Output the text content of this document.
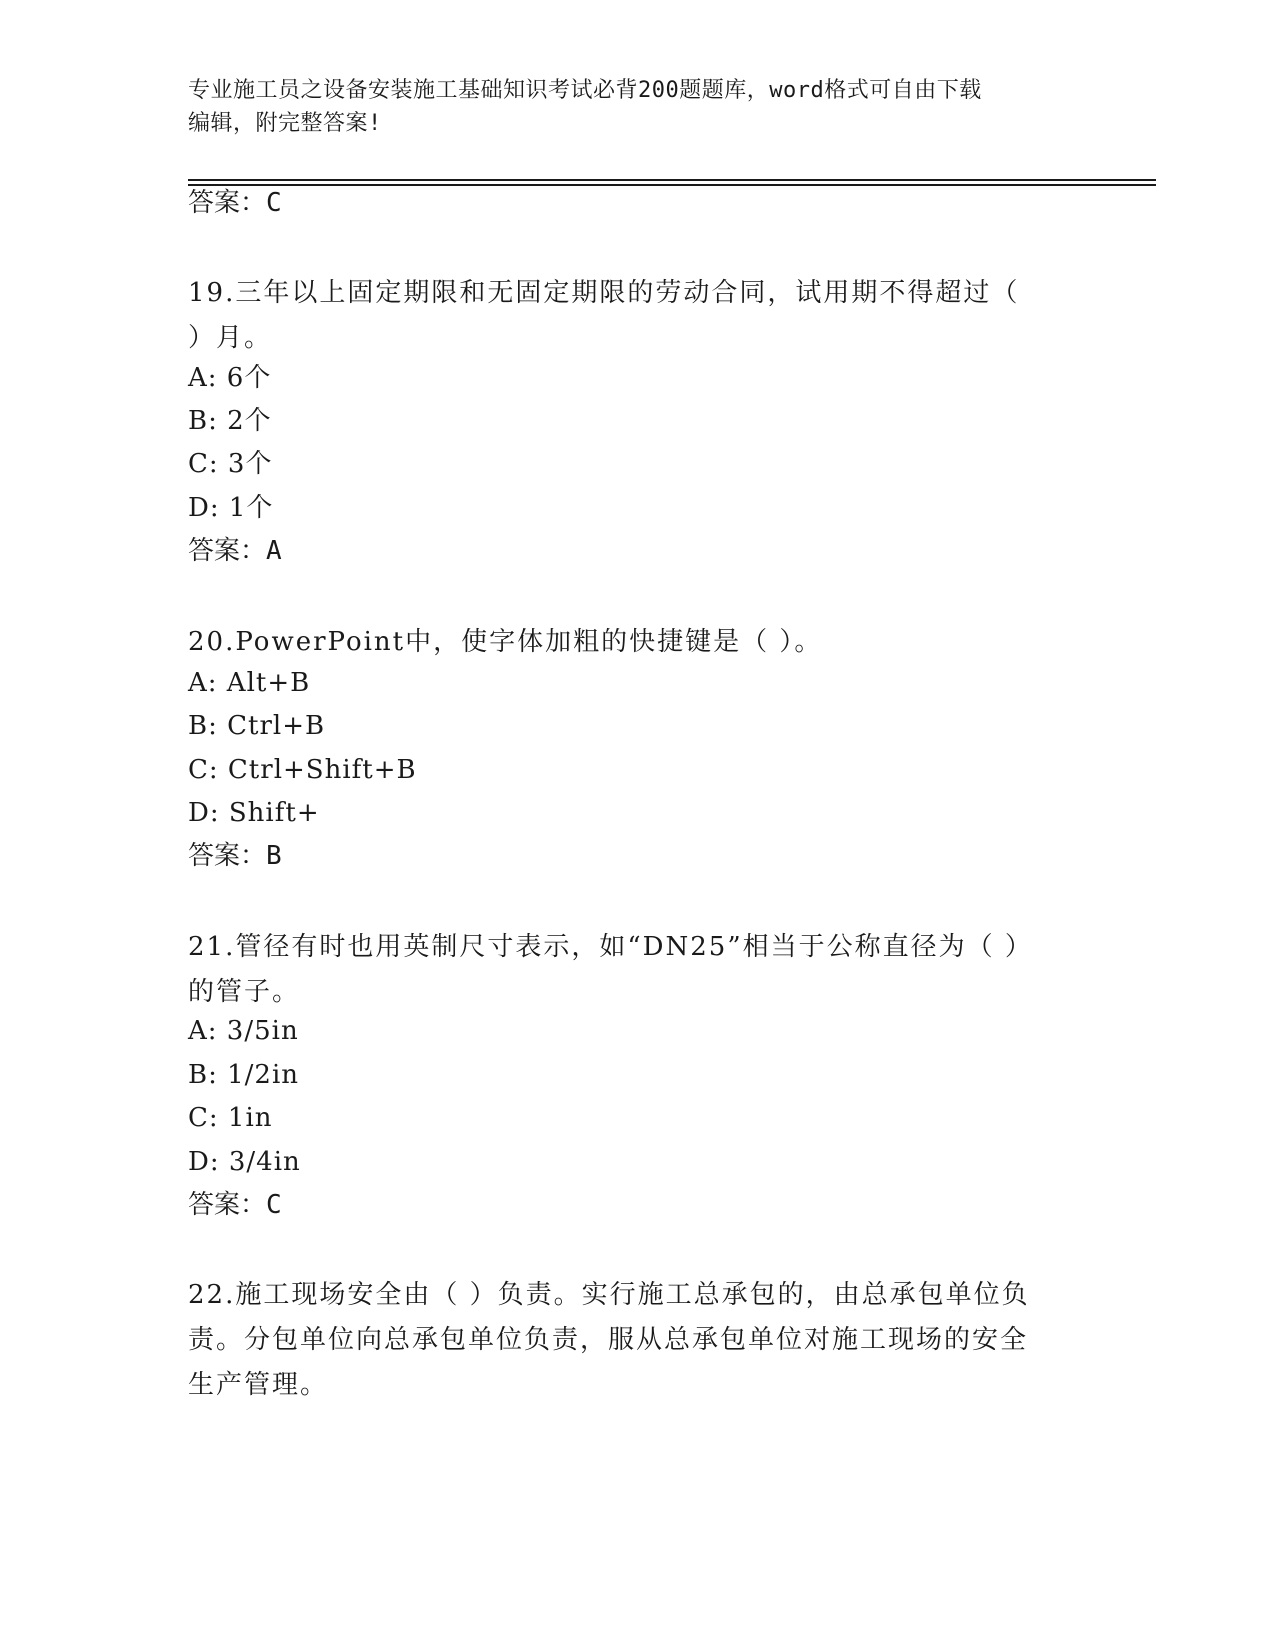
专业施工员之设备安装施工基础知识考试必背200题题库，word格式可自由下载
编辑，附完整答案!
答案：C
19.三年以上固定期限和无固定期限的劳动合同，试用期不得超过（
）月。
A: 6个
B: 2个
C: 3个
D: 1个
答案：A
20.PowerPoint中，使字体加粗的快捷键是（ ）。
A: Alt+B
B: Ctrl+B
C: Ctrl+Shift+B
D: Shift+
答案：B
21.管径有时也用英制尺寸表示，如“DN25”相当于公称直径为（ ）
的管子。
A: 3/5in
B: 1/2in
C: 1in
D: 3/4in
答案：C
22.施工现场安全由（ ）负责。实行施工总承包的，由总承包单位负
责。分包单位向总承包单位负责，服从总承包单位对施工现场的安全
生产管理。
